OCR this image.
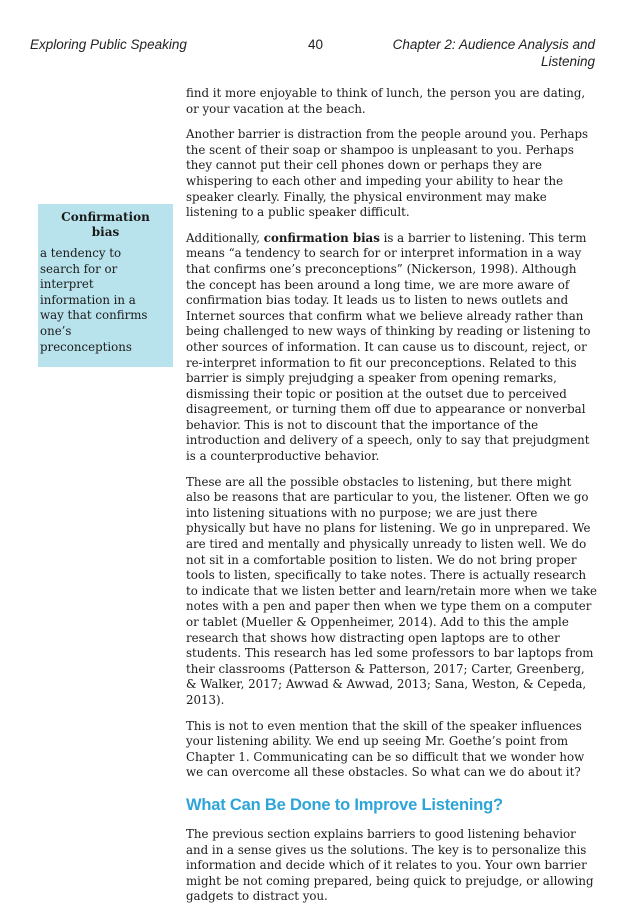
Exploring Public Speaking	40	Chapter 2: Audience Analysis and Listening
Confirmation bias
a tendency to search for or interpret information in a way that confirms one’s preconceptions

find it more enjoyable to think of lunch, the person you are dating, or your vacation at the beach.

Another barrier is distraction from the people around you. Perhaps the scent of their soap or shampoo is unpleasant to you. Perhaps they cannot put their cell phones down or perhaps they are whispering to each other and impeding your ability to hear the speaker clearly. Finally, the physical environment may make listening to a public speaker difficult.

Additionally, confirmation bias is a barrier to listening. This term means “a tendency to search for or interpret information in a way that confirms one’s preconceptions” (Nickerson, 1998). Although the concept has been around a long time, we are more aware of confirmation bias today. It leads us to listen to news outlets and Internet sources that confirm what we believe already rather than being challenged to new ways of thinking by reading or listening to other sources of information. It can cause us to discount, reject, or re-interpret information to fit our preconceptions. Related to this barrier is simply prejudging a speaker from opening remarks, dismissing their topic or position at the outset due to perceived disagreement, or turning them off due to appearance or nonverbal behavior. This is not to discount that the importance of the introduction and delivery of a speech, only to say that prejudgment is a counterproductive behavior.

These are all the possible obstacles to listening, but there might also be reasons that are particular to you, the listener. Often we go into listening situations with no purpose; we are just there physically but have no plans for listening. We go in unprepared. We are tired and mentally and physically unready to listen well. We do not sit in a comfortable position to listen. We do not bring proper tools to listen, specifically to take notes. There is actually research to indicate that we listen better and learn/retain more when we take notes with a pen and paper then when we type them on a computer or tablet (Mueller & Oppenheimer, 2014). Add to this the ample research that shows how distracting open laptops are to other students. This research has led some professors to bar laptops from their classrooms (Patterson & Patterson, 2017; Carter, Greenberg, & Walker, 2017; Awwad & Awwad, 2013; Sana, Weston, & Cepeda, 2013).

This is not to even mention that the skill of the speaker influences your listening ability. We end up seeing Mr. Goethe’s point from Chapter 1. Communicating can be so difficult that we wonder how we can overcome all these obstacles. So what can we do about it?

What Can Be Done to Improve Listening?

The previous section explains barriers to good listening behavior and in a sense gives us the solutions. The key is to personalize this information and decide which of it relates to you. Your own barrier might be not coming prepared, being quick to prejudge, or allowing gadgets to distract you.
